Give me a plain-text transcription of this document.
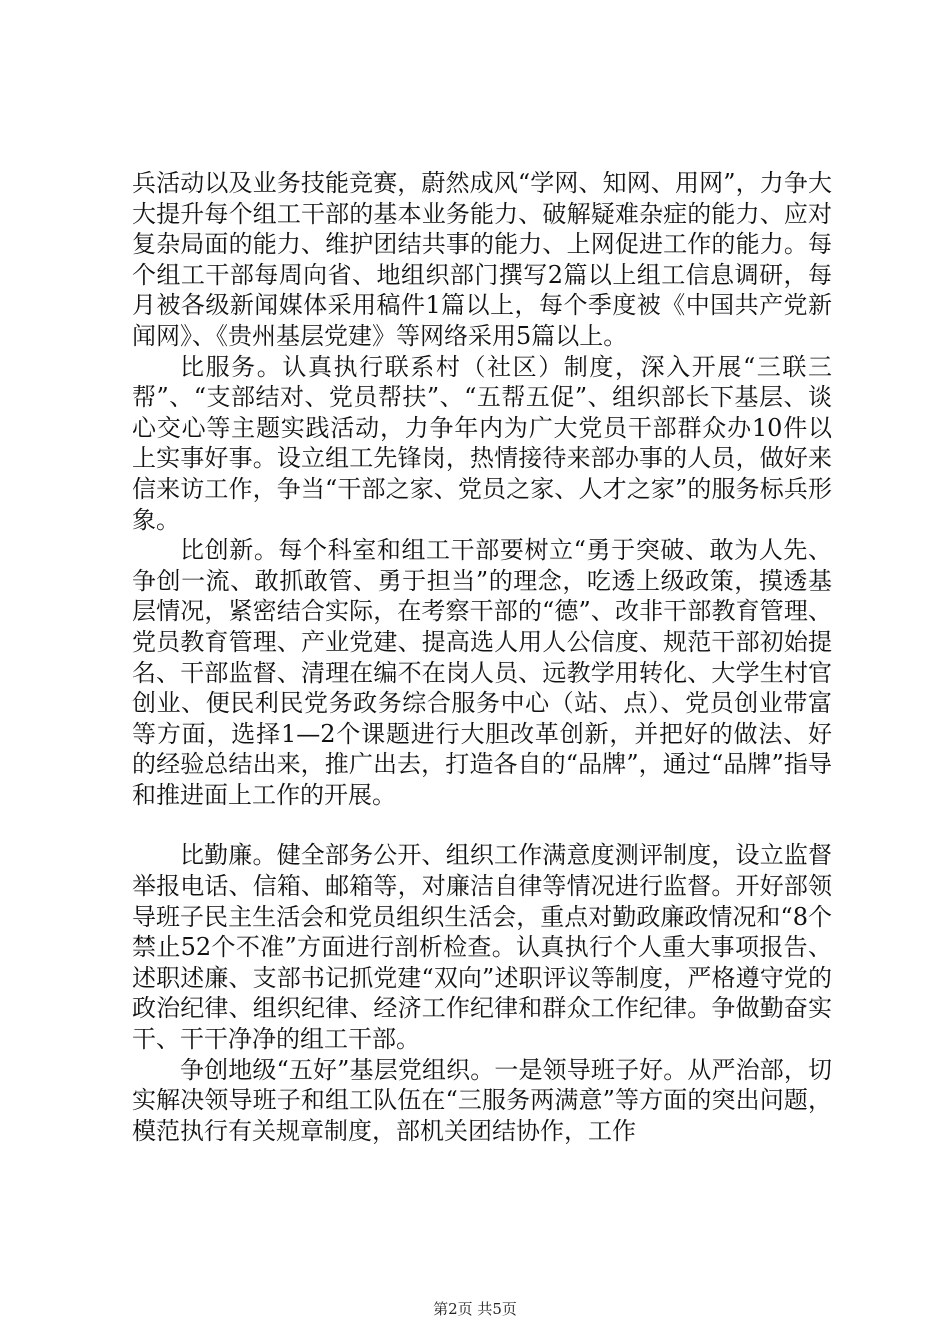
兵活动以及业务技能竞赛，蔚然成风“学网、知网、用网”，力争大大提升每个组工干部的基本业务能力、破解疑难杂症的能力、应对复杂局面的能力、维护团结共事的能力、上网促进工作的能力。每个组工干部每周向省、地组织部门撰写2篇以上组工信息调研，每月被各级新闻媒体采用稿件1篇以上，每个季度被《中国共产党新闻网》、《贵州基层党建》等网络采用5篇以上。

比服务。认真执行联系村（社区）制度，深入开展“三联三帮”、“支部结对、党员帮扶”、“五帮五促”、组织部长下基层、谈心交心等主题实践活动，力争年内为广大党员干部群众办10件以上实事好事。设立组工先锋岗，热情接待来部办事的人员，做好来信来访工作，争当“干部之家、党员之家、人才之家”的服务标兵形象。

比创新。每个科室和组工干部要树立“勇于突破、敢为人先、争创一流、敢抓敢管、勇于担当”的理念，吃透上级政策，摸透基层情况，紧密结合实际，在考察干部的“德”、改非干部教育管理、党员教育管理、产业党建、提高选人用人公信度、规范干部初始提名、干部监督、清理在编不在岗人员、远教学用转化、大学生村官创业、便民利民党务政务综合服务中心（站、点）、党员创业带富等方面，选择1—2个课题进行大胆改革创新，并把好的做法、好的经验总结出来，推广出去，打造各自的“品牌”，通过“品牌”指导和推进面上工作的开展。

比勤廉。健全部务公开、组织工作满意度测评制度，设立监督举报电话、信箱、邮箱等，对廉洁自律等情况进行监督。开好部领导班子民主生活会和党员组织生活会，重点对勤政廉政情况和“8个禁止52个不准”方面进行剖析检查。认真执行个人重大事项报告、述职述廉、支部书记抓党建“双向”述职评议等制度，严格遵守党的政治纪律、组织纪律、经济工作纪律和群众工作纪律。争做勤奋实干、干干净净的组工干部。

争创地级“五好”基层党组织。一是领导班子好。从严治部，切实解决领导班子和组工队伍在“三服务两满意”等方面的突出问题，模范执行有关规章制度，部机关团结协作，工作

第2页 共5页
